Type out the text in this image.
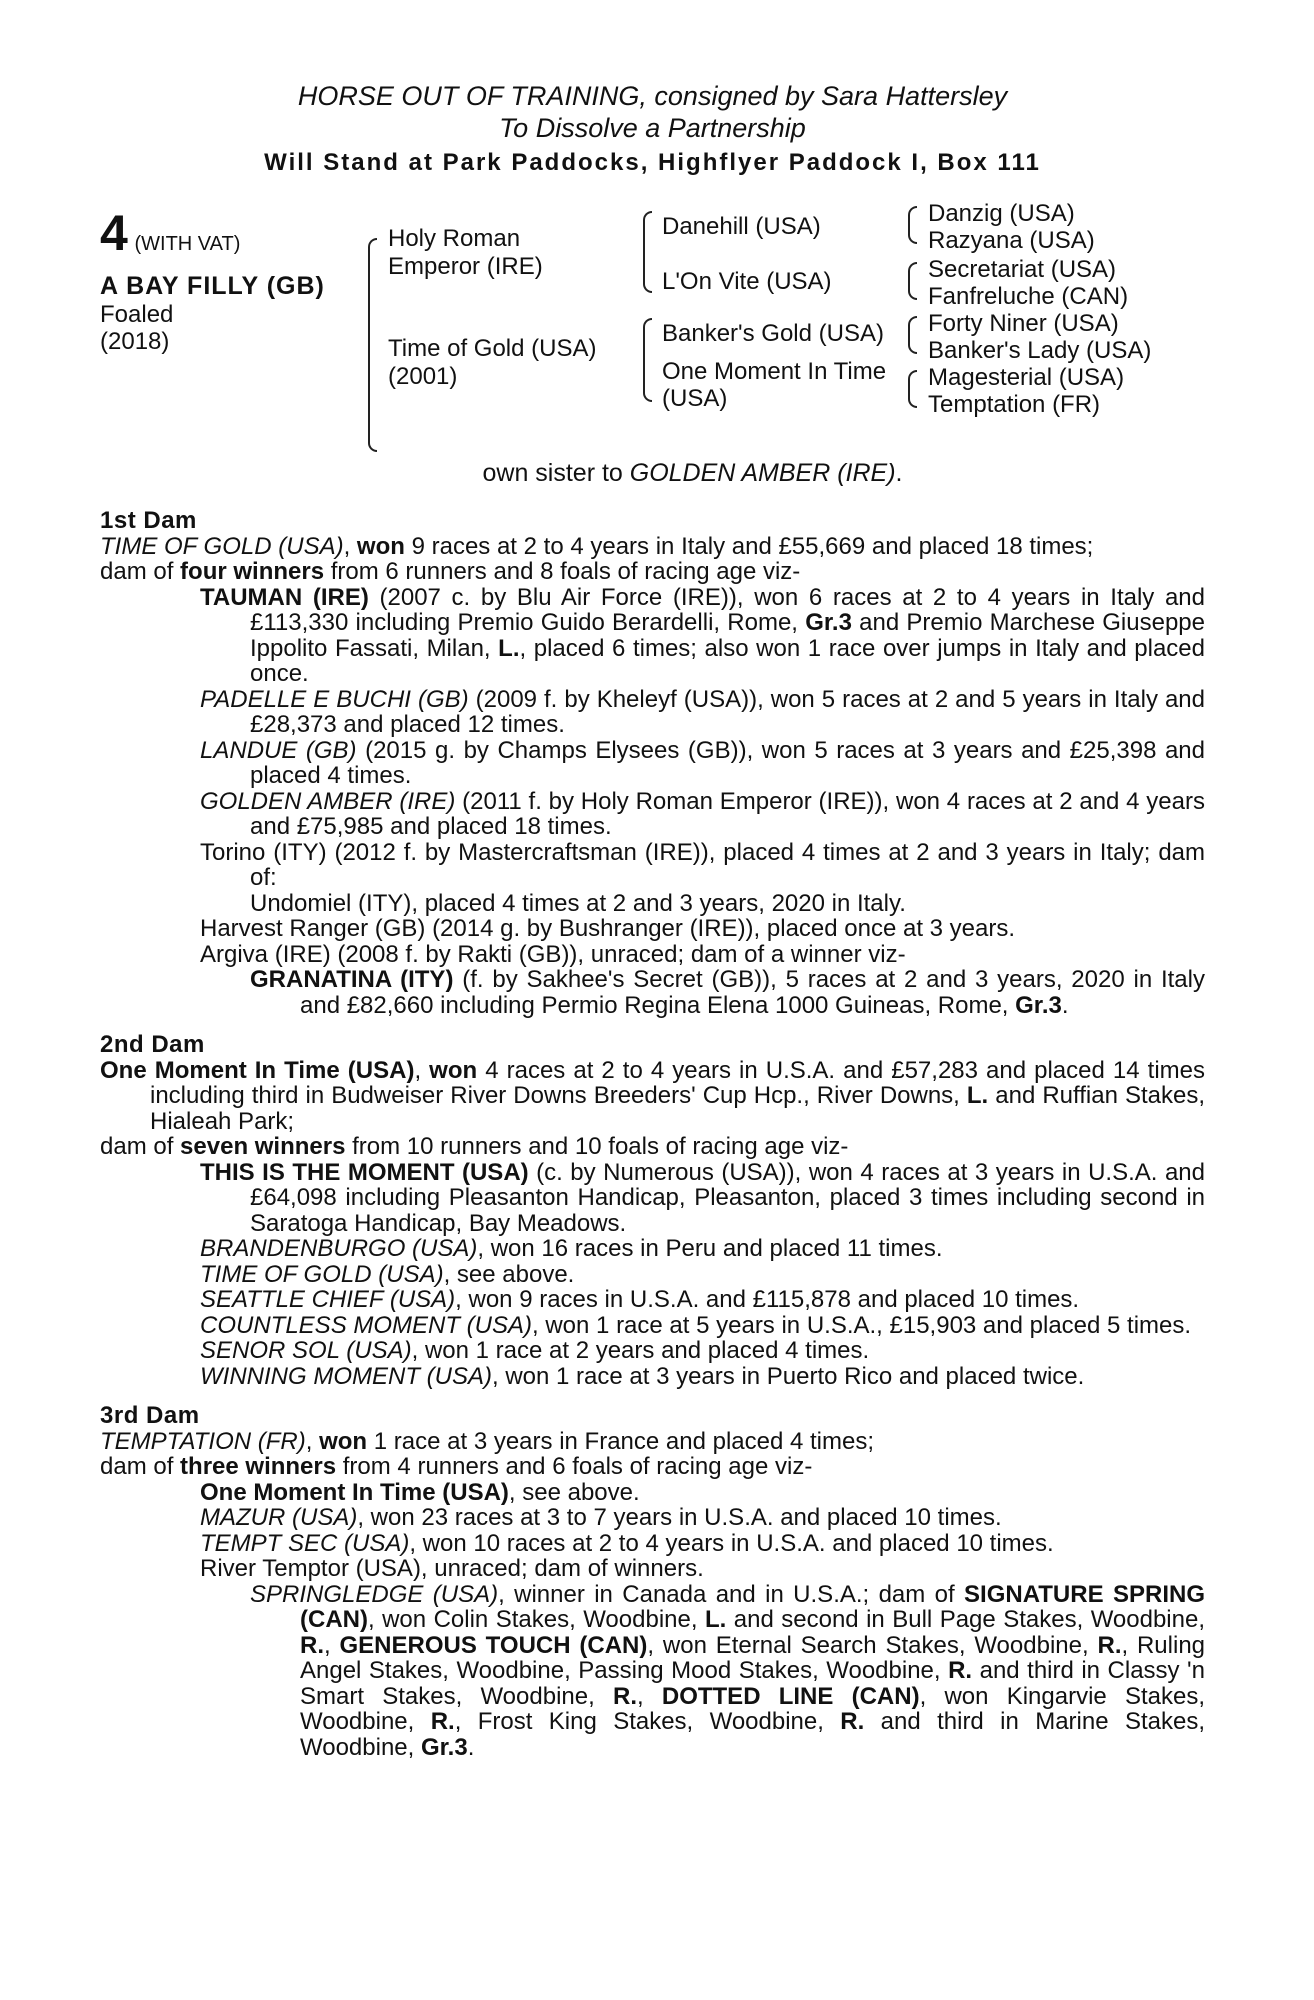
HORSE OUT OF TRAINING, consigned by Sara Hattersley
To Dissolve a Partnership
Will Stand at Park Paddocks, Highflyer Paddock I, Box 111
4 (WITH VAT)
A BAY FILLY (GB)
Foaled
(2018)
Holy Roman
Emperor (IRE)
Time of Gold (USA)
(2001)
Danehill (USA)
L'On Vite (USA)
Banker's Gold (USA)
One Moment In Time
(USA)
Danzig (USA)
Razyana (USA)
Secretariat (USA)
Fanfreluche (CAN)
Forty Niner (USA)
Banker's Lady (USA)
Magesterial (USA)
Temptation (FR)
own sister to GOLDEN AMBER (IRE).
1st Dam
TIME OF GOLD (USA), won 9 races at 2 to 4 years in Italy and £55,669 and placed 18 times;
dam of four winners from 6 runners and 8 foals of racing age viz-
TAUMAN (IRE) (2007 c. by Blu Air Force (IRE)), won 6 races at 2 to 4 years in Italy and £113,330 including Premio Guido Berardelli, Rome, Gr.3 and Premio Marchese Giuseppe Ippolito Fassati, Milan, L., placed 6 times; also won 1 race over jumps in Italy and placed once.
PADELLE E BUCHI (GB) (2009 f. by Kheleyf (USA)), won 5 races at 2 and 5 years in Italy and £28,373 and placed 12 times.
LANDUE (GB) (2015 g. by Champs Elysees (GB)), won 5 races at 3 years and £25,398 and placed 4 times.
GOLDEN AMBER (IRE) (2011 f. by Holy Roman Emperor (IRE)), won 4 races at 2 and 4 years and £75,985 and placed 18 times.
Torino (ITY) (2012 f. by Mastercraftsman (IRE)), placed 4 times at 2 and 3 years in Italy; dam of:
Undomiel (ITY), placed 4 times at 2 and 3 years, 2020 in Italy.
Harvest Ranger (GB) (2014 g. by Bushranger (IRE)), placed once at 3 years.
Argiva (IRE) (2008 f. by Rakti (GB)), unraced; dam of a winner viz-
GRANATINA (ITY) (f. by Sakhee's Secret (GB)), 5 races at 2 and 3 years, 2020 in Italy and £82,660 including Permio Regina Elena 1000 Guineas, Rome, Gr.3.
2nd Dam
One Moment In Time (USA), won 4 races at 2 to 4 years in U.S.A. and £57,283 and placed 14 times including third in Budweiser River Downs Breeders' Cup Hcp., River Downs, L. and Ruffian Stakes, Hialeah Park;
dam of seven winners from 10 runners and 10 foals of racing age viz-
THIS IS THE MOMENT (USA) (c. by Numerous (USA)), won 4 races at 3 years in U.S.A. and £64,098 including Pleasanton Handicap, Pleasanton, placed 3 times including second in Saratoga Handicap, Bay Meadows.
BRANDENBURGO (USA), won 16 races in Peru and placed 11 times.
TIME OF GOLD (USA), see above.
SEATTLE CHIEF (USA), won 9 races in U.S.A. and £115,878 and placed 10 times.
COUNTLESS MOMENT (USA), won 1 race at 5 years in U.S.A., £15,903 and placed 5 times.
SENOR SOL (USA), won 1 race at 2 years and placed 4 times.
WINNING MOMENT (USA), won 1 race at 3 years in Puerto Rico and placed twice.
3rd Dam
TEMPTATION (FR), won 1 race at 3 years in France and placed 4 times;
dam of three winners from 4 runners and 6 foals of racing age viz-
One Moment In Time (USA), see above.
MAZUR (USA), won 23 races at 3 to 7 years in U.S.A. and placed 10 times.
TEMPT SEC (USA), won 10 races at 2 to 4 years in U.S.A. and placed 10 times.
River Temptor (USA), unraced; dam of winners.
SPRINGLEDGE (USA), winner in Canada and in U.S.A.; dam of SIGNATURE SPRING (CAN), won Colin Stakes, Woodbine, L. and second in Bull Page Stakes, Woodbine, R., GENEROUS TOUCH (CAN), won Eternal Search Stakes, Woodbine, R., Ruling Angel Stakes, Woodbine, Passing Mood Stakes, Woodbine, R. and third in Classy 'n Smart Stakes, Woodbine, R., DOTTED LINE (CAN), won Kingarvie Stakes, Woodbine, R., Frost King Stakes, Woodbine, R. and third in Marine Stakes, Woodbine, Gr.3.
